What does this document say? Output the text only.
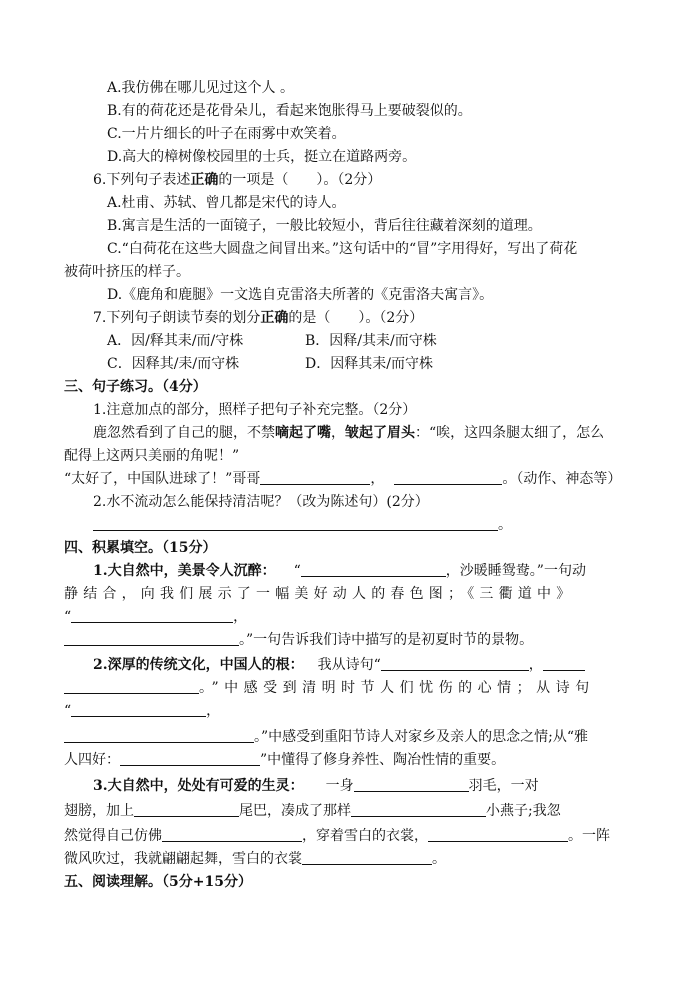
A.我仿佛在哪儿见过这个人 。
B.有的荷花还是花骨朵儿，看起来饱胀得马上要破裂似的。
C.一片片细长的叶子在雨雾中欢笑着。
D.高大的樟树像校园里的士兵，挺立在道路两旁。
6.下列句子表述正确的一项是（　　）。（2分）
A.杜甫、苏轼、曾几都是宋代的诗人。
B.寓言是生活的一面镜子，一般比较短小，背后往往藏着深刻的道理。
C.“白荷花在这些大圆盘之间冒出来。”这句话中的“冒”字用得好，写出了荷花
被荷叶挤压的样子。
D.《鹿角和鹿腿》一文选自克雷洛夫所著的《克雷洛夫寓言》。
7.下列句子朗读节奏的划分正确的是（　　）。（2分）
A．因/释其耒/而/守株	B．因释/其耒/而守株
C．因释其/耒/而守株	D．因释其耒/而守株
三、句子练习。（4分）
1.注意加点的部分，照样子把句子补充完整。（2分）
鹿忽然看到了自己的腿，不禁嘀起了嘴，皱起了眉头：“唉，这四条腿太细了，怎么
配得上这两只美丽的角呢！”
“太好了，中国队进球了！”哥哥	，	。（动作、神态等）
2.水不流动怎么能保持清洁呢？（改为陈述句）(2分）
。
四、积累填空。（15分）
1.大自然中，美景令人沉醉： “	，沙暖睡鸳鸯。”一句动
静结合，向我们展示了一幅美好动人的春色图；《三衢道中》
“	，
。”一句告诉我们诗中描写的是初夏时节的景物。
2.深厚的传统文化，中国人的根： 我从诗句“	，
。”中感受到清明时节人们忧伤的心情；从诗句
“	，
。”中感受到重阳节诗人对家乡及亲人的思念之情;从“雅
人四好：	”中懂得了修身养性、陶冶性情的重要。
3.大自然中，处处有可爱的生灵： 一身	羽毛，一对
翅膀，加上	尾巴，凑成了那样	小燕子;我忽
然觉得自己仿佛	，穿着雪白的衣裳，	。一阵
微风吹过，我就翩翩起舞，雪白的衣裳	。
五、阅读理解。（5分+15分）
